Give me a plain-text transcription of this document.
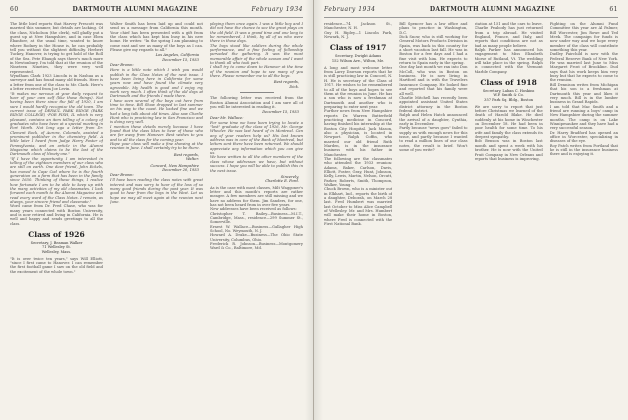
60	DARTMOUTH ALUMNI MAGAZINE	February 1934

The little bird reports that Harvey Prescott was married this summer, but details are lacking. Of the class, Nicholson (the clerk), will gladly put a guest up at New Hampshire, and in case Eben Ebanfoer, at the usual time, wanted to know where Rodney in the House is, he can probably tell you without the slightest difficulty. Herbert Tuckey, Hanover, is trying to get hold of the Roll of the Sea. Pete Ebaugh says there's much more in Newtonbury. I'm told that at the reunion of the Nineteen Nineties, they were very well represented.

Wyndham Clark 1923 Lincoln is in Nashua as a surveyor and has found many old friends. Here is a letter from one of the class to Mr. Clark. Here's a letter received from Joe Levin.

"It makes me nervous at your daily request to hear of your own self (like those things). Not having been there since the fall of 1920, I am sure I would hardly recognize the old town. The current issue of DEPAUL PARK RIDGE (PARK RIDGE COLLEGE) -FOR FISH, IL which is very pleasant, contains an item telling of a colony of graduates who have been at a special meeting in Fort Worth. Not long ago a letter from Dr. Clement Rock, of Aurora, Colorado, assisted a prominent publisher in the chemistry field. A little later I heard from Judge Harry Foster of Pennsylvania, and an article in the Alumni Magazine which claims to be the last of the Dartmouth class of Ninety-one."

"If I have the opportunity, I am interested in telling of the eighteen members of our class who are still on earth. One dear friend, John Eckels, has moved to Cape Cod where he is the fourth generation on a farm that has been in the family since 1650. Thinking of these things, I realize how fortunate I am to be able to keep up with the many activities of my old classmates. I look forward each month to the Alumni Magazine and read every word of the Class Notes. I remain, as always, your sincere friend and classmate."

Word came from Dr. Fred Chase, who was for many years connected with Boston University, and is now retired and living in California. He is well and happy and sends greetings to all the class.

Class of 1926
Secretary, J. Beaman Walker
71 Wellesley St.
Wellesley, Mass.

"It is over twice ten years," says Will Elliott, "since I first came to Hanover. I can remember the first football game I saw on the old field and the excitement of the whole town."

Walter Smith has been laid up and could not send us a message from California this month. Your chief has been presented with a gift from the class which has kept him busy in his new home. He writes: "In the spring I am planning to come east and see as many of the boys as I can. Please give my regards to all."

Los Angeles, California
December 15, 1933
Dear Brown:

Here is a little note which I wish you would publish in the Class Notes of the next issue. I have been living here in California for some years now and have found the climate very agreeable. My health is good and I enjoy my work very much. I often think of the old days at Dartmouth and the friends I made there.

I have seen several of the boys out here from time to time. Bill Shaw dropped in last summer on his way to the coast. He looked fine and we had a long talk about old times. Also saw Charlie Hunt who is practicing law in San Francisco and is doing very well.

I mention these details merely because I have found that the class likes to hear of those who are far away from Hanover. Best wishes to you and to all the class for the coming year.

Hope your class will make a fine showing at the reunion in June. I shall certainly try to be there.

Best regards,
Walter.
Concord, New Hampshire
December 20, 1933
Dear Brown:

I'll have been reading the class notes with great interest and was sorry to hear of the loss of so many good friends during the past year. It was good to hear from the boys in the West. Let us hope we may all meet again at the reunion next June.

playing them once again. I was a little boy and I did not have the chance to see the great plays on the old field. It was a grand time and one long to be remembered, I think, by all of us who were there in those days.

The boys stood like soldiers during the whole performance, and a fine feeling of fellowship pervaded the gathering. It was the most memorable affair of the whole season and I want to thank all who took part.

I shall try to come down to Hanover at the time of the reunion and hope to see many of you there. Please remember me to all the boys.

Best regards,
Dick.

The following letter was received from the Boston Alumni Association and I am sure all of you will be interested in reading it.

December 15, 1933
Dear Mr. Wallace:

For some time we have been trying to locate a "lost" graduate of the class of 1926, Mr. George Wheeler. He was last heard of in Montreal. Can any of your readers help us? His last known address was in care of the Bank of Montreal, but letters sent there have been returned. We should appreciate any information which you can give us.

We have written to all the other members of the class whose addresses we have, but without success. I hope you will be able to publish this in the next issue.

Sincerely,
Charlotte E. Ford.

As is the case with most classes, Milt Waggoner's letter and this month's reports are rather meager. A few members are still missing and we have no address for them. Jim Sanders, for one, has not been heard from in over five years.

New addresses have been received as follows:

Christopher T. Bailey—Business—M.I.T., Cambridge, Mass., residence—299 Summer St., Somerville.

Ernest W. Wallace—Business—Gallagher High School, No. Weymouth, N. J.

Howard A. Drake—Business—The Ohio State University, Columbus, Ohio.

Frederick R. Johnson—Business—Montgomery Ward & Co., Baltimore, Md.

February 1934	DARTMOUTH ALUMNI MAGAZINE	61

residence—74 Jackson St., Manchester, N. H.

Guy H. Ripley—1 Lincoln Park, Newark, N. J.

Class of 1917
Secretary, Dwight Adams
152 Wilson Ave., Wilton, Me.

A long and most welcome letter from Larry Dawson reports that he is still practicing law in Concord, N. H. He is secretary of the Class of 1917. He wishes to be remembered to all of the boys and hopes to see them at the reunion in June. He has a son who is now a freshman at Dartmouth and another who is preparing to enter next year.

Further news from New Hampshire reports Dr. Warren Butterfield practicing medicine in Concord, having finished his internship at the Boston City Hospital. Jack Mason, also a physician, is located in Newport. Ralph Coffin, who married our old friend Ruth Marden, is in the insurance business with his father in Manchester.

The following are the classmates who attended the 1933 reunion: Adams, Baker, Carlson, Davis, Elliott, Foster, Gray, Hunt, Johnson, Kelly, Lewis, Martin, Nelson, Orcutt, Parker, Roberts, Smith, Thompson, Walker, Young.

Chuck Brown, who is a minister out in Elkhart, Ind., reports the birth of a daughter, Deborah, on March 28 last. Fred Humbert was married last October to Miss Alice Campbell of Wellesley. Mr. and Mrs. Humbert will make their home in Boston, where Fred is connected with the First National Bank.

Bill Spencer has a law office and plans to practice in Washington, D.C.

Dick Snow, who is still working for General Motors Products Division in Spain, was back in this country for a short vacation last fall. He was in Boston for a few days and I had a fine visit with him. He expects to return to Spain early in the spring.

One day last month we ran into Don McColl, who was in Boston on business. He is now living in Hartford and is with the Travelers Insurance Company. He looked fine and reported that his family were all well.

Charlie Mitchell has recently been appointed assistant United States district attorney in the Boston federal district.

Ralph and Helen Hatch announced the arrival of a daughter, Cynthia, early in December.

Partly because "news goes" failed to supply us with enough news for this issue, and partly because I wanted to read a million lines of our class notes, the result is brief. Won't some of you write?

station at 151 and the cars to leave. Charlie Peabody has just returned from a trip abroad. He visited England, France, and Italy, and reports that conditions are not as bad as many people believe.

Ralph Parker has announced his engagement to Miss Elizabeth Morse of Rutland, Vt. The wedding will take place in the spring. Ralph is connected with the Vermont Marble Company.

Class of 1918
Secretary, Laban C. Hoskins
W.P. Smith & Co.
357 Park Sq. Bldg., Boston

We are sorry to report that just before Christmas we learned of the death of Harold Blake. He died suddenly at his home in Winchester on December 18. He had been in poor health for some time. To his wife and family the class extends its deepest sympathy.

Bob Benson was in Boston last month and spent a week with his brother. He is now with the United Fruit Company in New Orleans and reports that business is improving.

Fighting on the Alumni Fund Committee this year are Al Palmer, Bill Worcester, Jim Rowe and Ted Meek. The campaign for funds is now under way and we hope every member of the class will contribute something this year.

Dudley Fairchild is now with the Federal Reserve Bank of New York. He was married last June to Miss Margaret Frost of Brookline. Dud says that his work keeps him very busy but that he expects to come to the reunion.

Bill Dennison writes from Michigan that his son is a freshman at Dartmouth this year and likes it very much. Bill is in the lumber business in Grand Rapids.

I am told that Mac Smith and a friend are running a boys' camp in New Hampshire during the summer months. The camp is on Lake Winnipesaukee and they have had a very successful season.

Dr. Harry Bradford has opened an office in Worcester, specializing in diseases of the eye.

Roy Patch writes from Portland that he is still in the insurance business there and is enjoying it.
